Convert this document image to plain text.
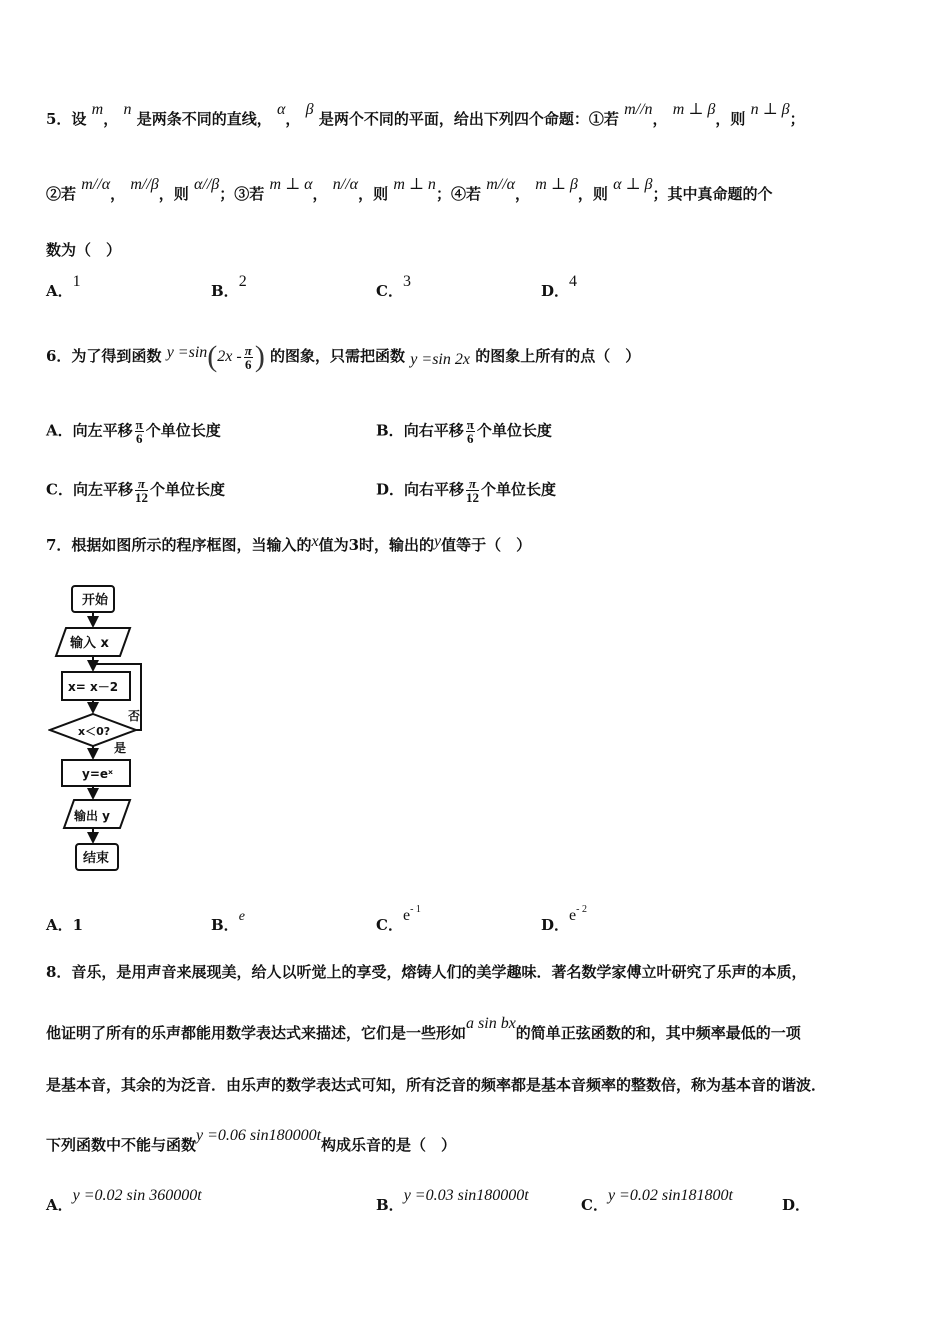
5．设 m， n 是两条不同的直线， α， β 是两个不同的平面，给出下列四个命题：①若 m//n， m ⊥ β，则 n ⊥ β；
②若 m//α， m//β，则 α//β；③若 m ⊥ α， n//α，则 m ⊥ n；④若 m//α， m ⊥ β，则 α ⊥ β；其中真命题的个
数为（　）
A．1
B．2
C．3
D．4
6．为了得到函数 $y =\sin(2x - \frac{\pi}{6}$ ) 的图象，只需把函数 y =sin 2x 的图象上所有的点（　）
A．向左平移 $\frac{\pi}{6}$ 个单位长度	B．向右平移 $\frac{\pi}{6}$ 个单位长度
C．向左平移 $\frac{\pi}{12}$ 个单位长度	D．向右平移 $\frac{\pi}{12}$ 个单位长度
7．根据如图所示的程序框图，当输入的x值为3时，输出的y值等于（　）
开始
输入 x
x= x－2
x＜0?
否
是
y=eˣ
输出 y
结束
A．1	B．e	C．$e^{- 1}$
D．$e^{- 2}$
8．音乐，是用声音来展现美，给人以听觉上的享受，熔铸人们的美学趣味．著名数学家傅立叶研究了乐声的本质，
他证明了所有的乐声都能用数学表达式来描述，它们是一些形如a sin bx的简单正弦函数的和，其中频率最低的一项
是基本音，其余的为泛音．由乐声的数学表达式可知，所有泛音的频率都是基本音频率的整数倍，称为基本音的谐波．
下列函数中不能与函数y =0.06 sin180000t构成乐音的是（　）
A．y =0.02 sin 360000t
B．y =0.03 sin180000t
C．y =0.02 sin181800t
D．
